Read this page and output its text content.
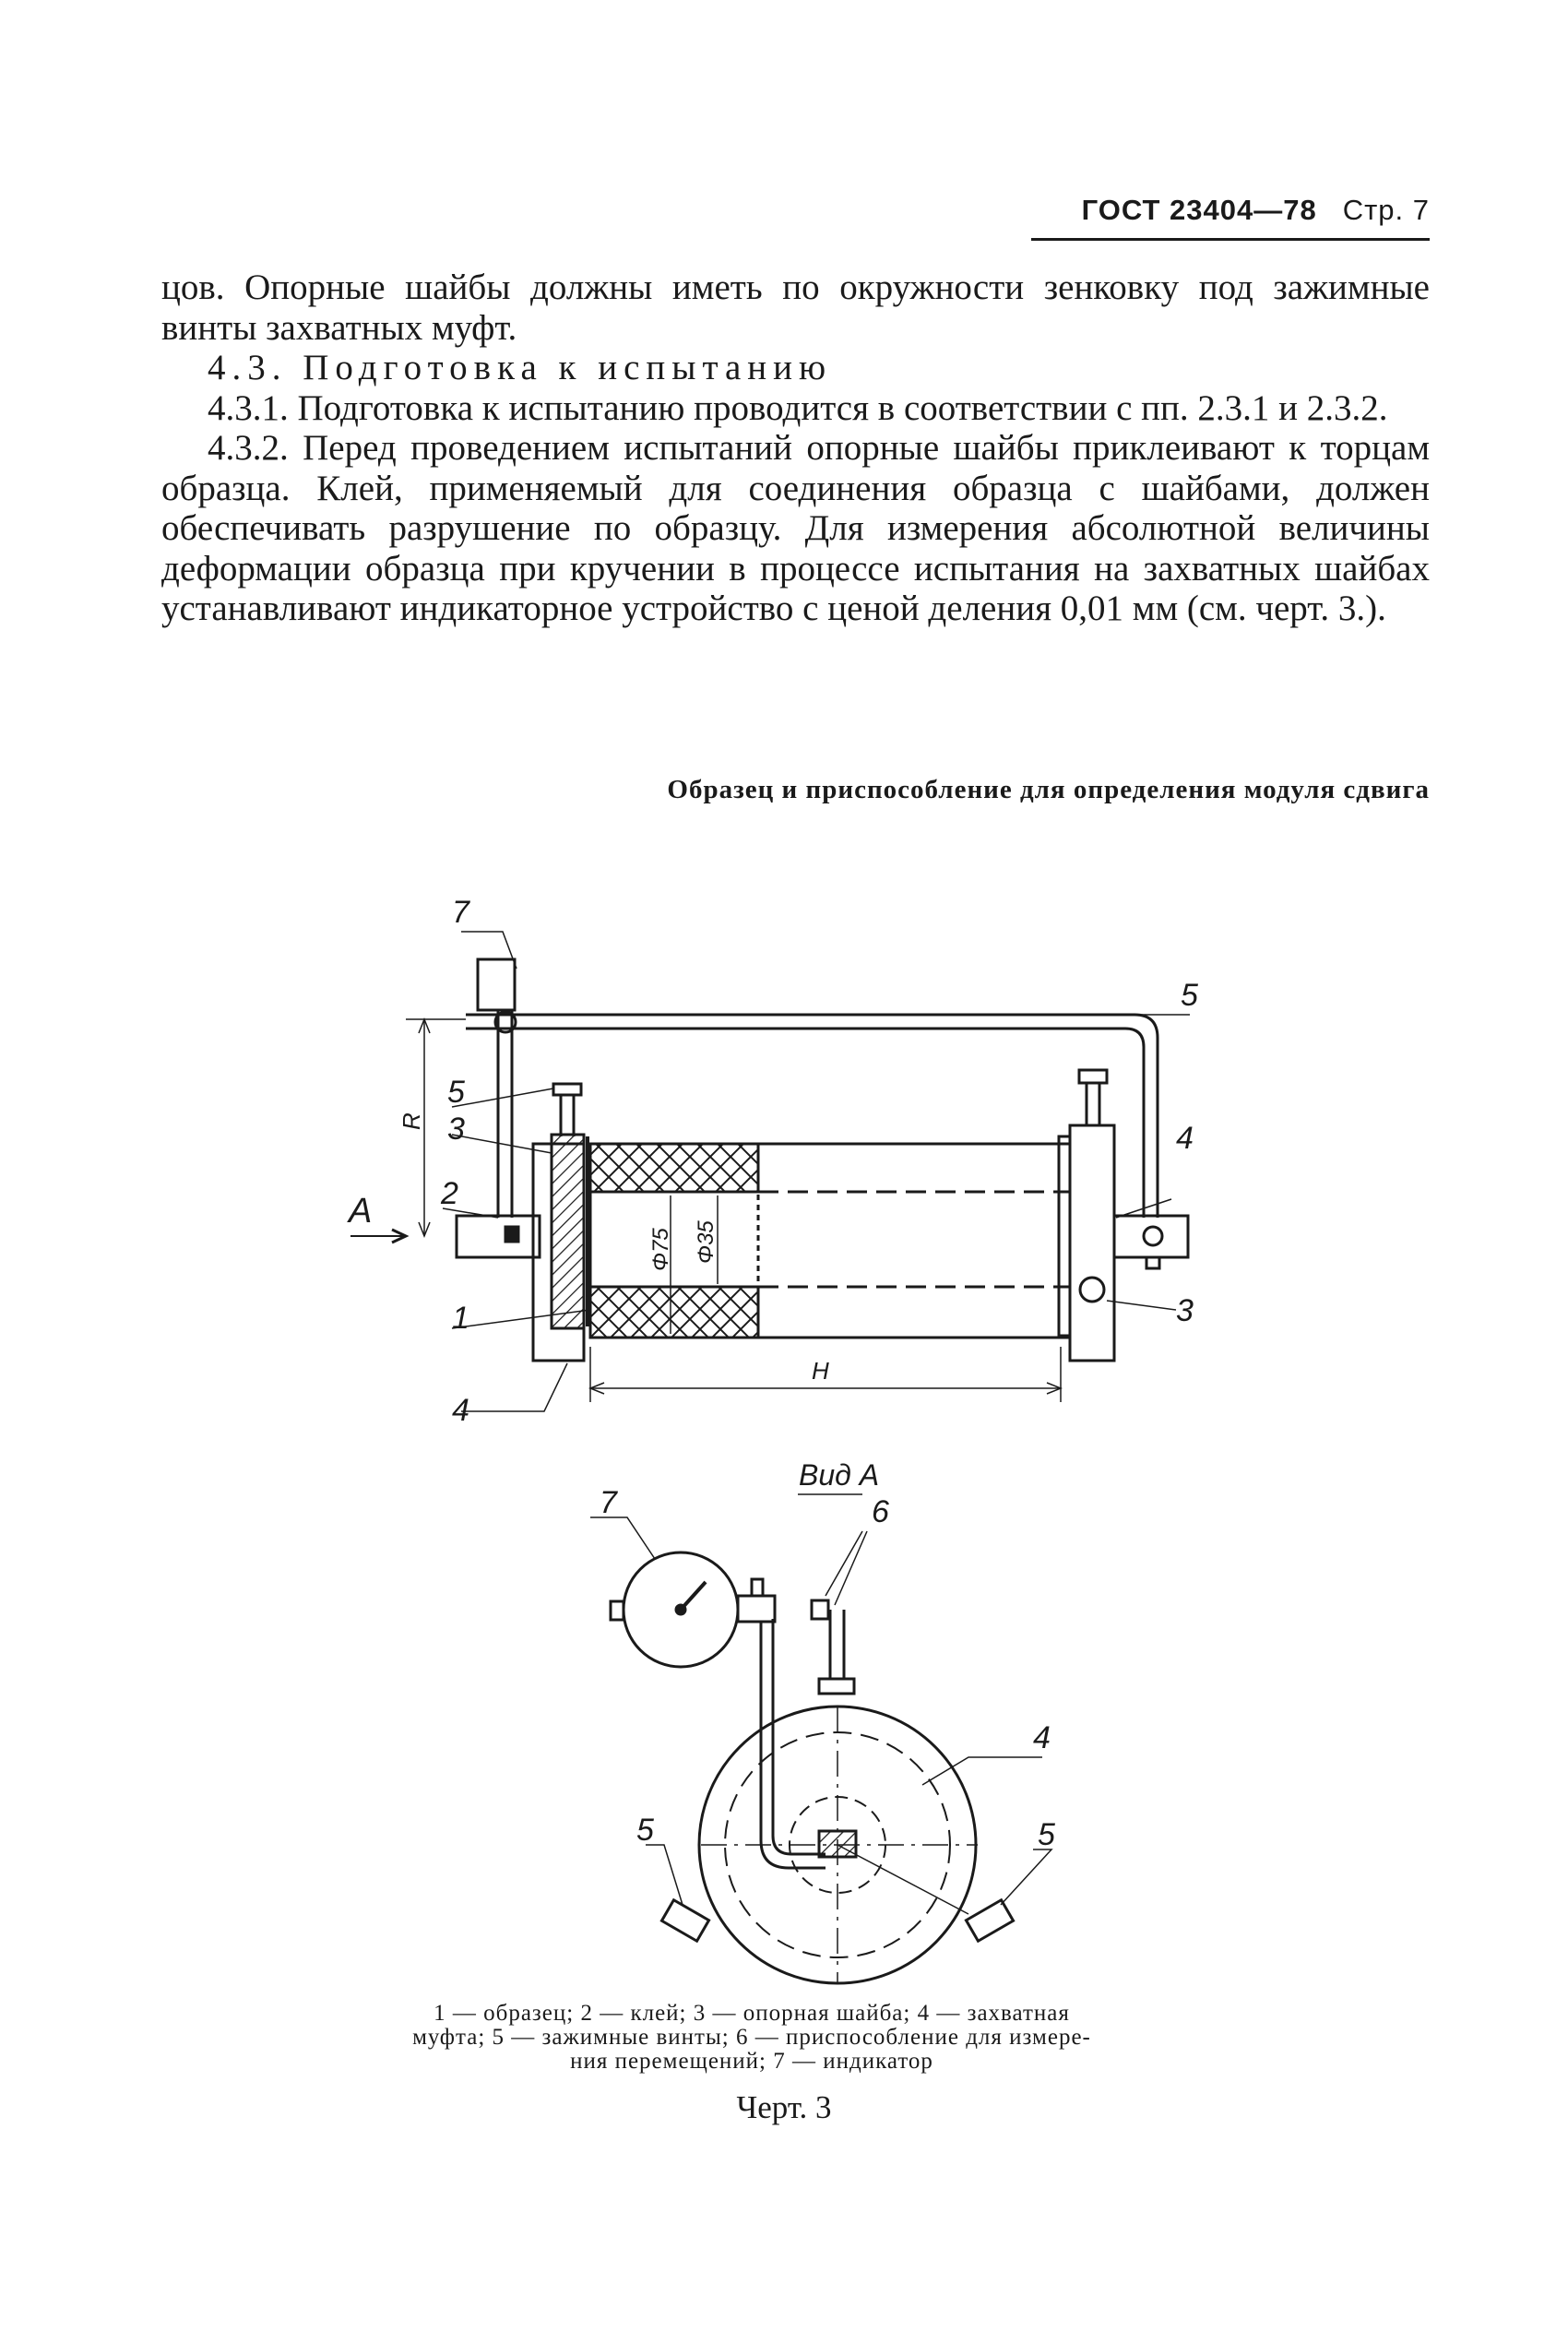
ГОСТ 23404—78 Стр. 7

цов. Опорные шайбы должны иметь по окружности зенковку под зажимные винты захватных муфт.

4.3. Подготовка к испытанию

4.3.1. Подготовка к испытанию проводится в соответствии с пп. 2.3.1 и 2.3.2.

4.3.2. Перед проведением испытаний опорные шайбы приклеивают к торцам образца. Клей, применяемый для соединения образца с шайбами, должен обеспечивать разрушение по образцу. Для измерения абсолютной величины деформации образца при кручении в процессе испытания на захватных шайбах устанавливают индикаторное устройство с ценой деления 0,01 мм (см. черт. 3.).

Образец и приспособление для определения модуля сдвига
7
5
5
3	4
2
3
1
4
A
R
Φ75 Φ35
H
Вид А
7	6
4
5	5
1 — образец; 2 — клей; 3 — опорная шайба; 4 — захватная
муфта; 5 — зажимные винты; 6 — приспособление для измере-
ния перемещений; 7 — индикатор
Черт. 3
